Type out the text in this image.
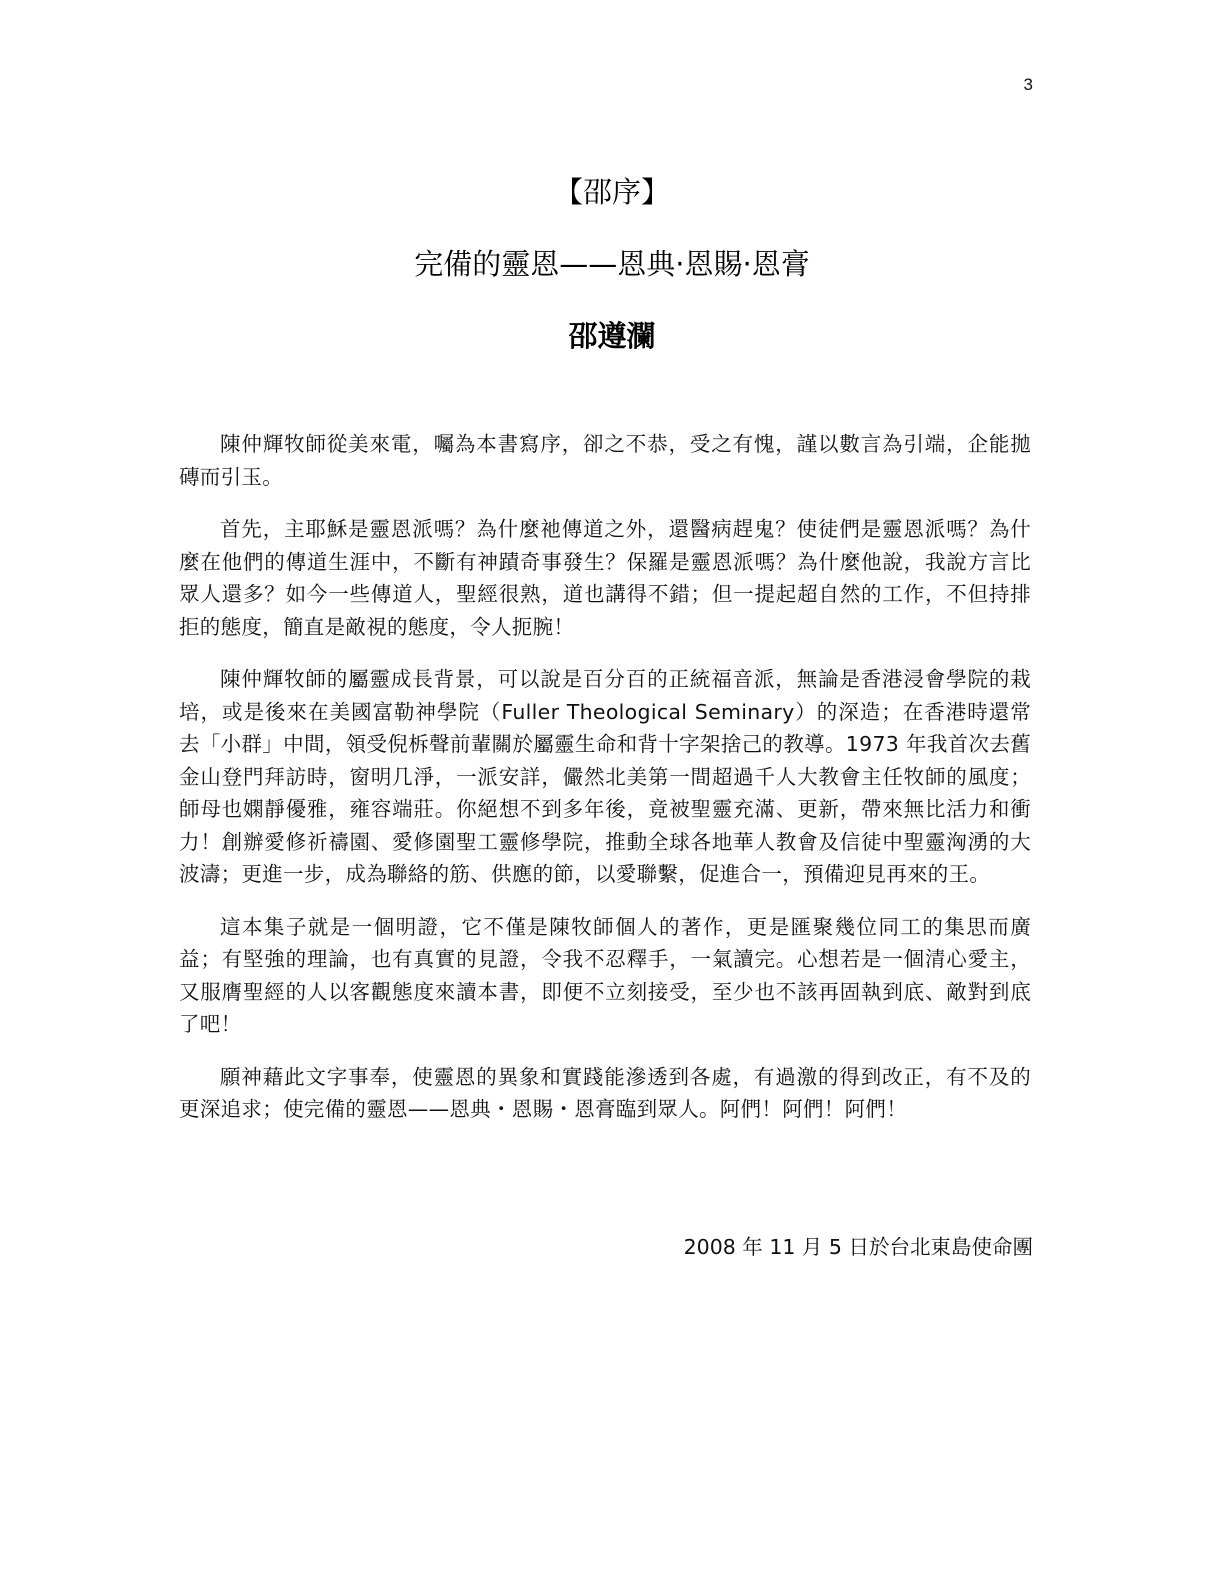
3
【邵序】
完備的靈恩——恩典·恩賜·恩膏
邵遵瀾

陳仲輝牧師從美來電，囑為本書寫序，卻之不恭，受之有愧，謹以數言為引端，企能拋磚而引玉。

首先，主耶穌是靈恩派嗎？為什麼祂傳道之外，還醫病趕鬼？使徒們是靈恩派嗎？為什麼在他們的傳道生涯中，不斷有神蹟奇事發生？保羅是靈恩派嗎？為什麼他說，我說方言比眾人還多？如今一些傳道人，聖經很熟，道也講得不錯；但一提起超自然的工作，不但持排拒的態度，簡直是敵視的態度，令人扼腕！

陳仲輝牧師的屬靈成長背景，可以說是百分百的正統福音派，無論是香港浸會學院的栽培，或是後來在美國富勒神學院（Fuller Theological Seminary）的深造；在香港時還常去「小群」中間，領受倪柝聲前輩關於屬靈生命和背十字架捨己的教導。1973 年我首次去舊金山登門拜訪時，窗明几淨，一派安詳，儼然北美第一間超過千人大教會主任牧師的風度；師母也嫻靜優雅，雍容端莊。你絕想不到多年後，竟被聖靈充滿、更新，帶來無比活力和衝力！創辦愛修祈禱園、愛修園聖工靈修學院，推動全球各地華人教會及信徒中聖靈洶湧的大波濤；更進一步，成為聯絡的筋、供應的節，以愛聯繫，促進合一，預備迎見再來的王。

這本集子就是一個明證，它不僅是陳牧師個人的著作，更是匯聚幾位同工的集思而廣益；有堅強的理論，也有真實的見證，令我不忍釋手，一氣讀完。心想若是一個清心愛主，又服膺聖經的人以客觀態度來讀本書，即便不立刻接受，至少也不該再固執到底、敵對到底了吧！

願神藉此文字事奉，使靈恩的異象和實踐能滲透到各處，有過激的得到改正，有不及的更深追求；使完備的靈恩——恩典・恩賜・恩膏臨到眾人。阿們！阿們！阿們！

2008 年 11 月 5 日於台北東島使命團
